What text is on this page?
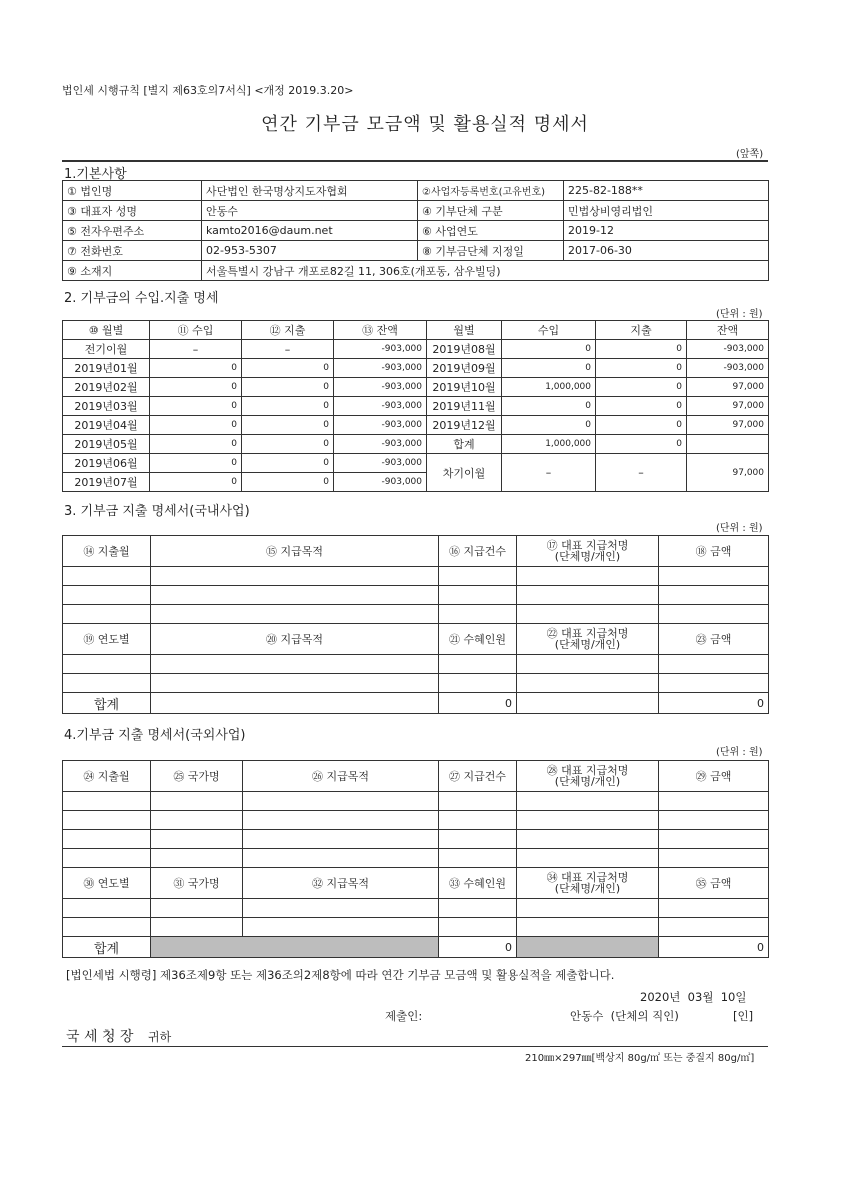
법인세 시행규칙 [별지 제63호의7서식] <개정 2019.3.20>
연간 기부금 모금액 및 활용실적 명세서
(앞쪽)
1.기본사항
① 법인명	사단법인 한국명상지도자협회	②사업자등록번호(고유번호)	225-82-188**
③ 대표자 성명	안동수	④ 기부단체 구분	민법상비영리법인
⑤ 전자우편주소	kamto2016@daum.net	⑥ 사업연도	2019-12
⑦ 전화번호	02-953-5307	⑧ 기부금단체 지정일	2017-06-30
⑨ 소재지	서울특별시 강남구 개포로82길 11, 306호(개포동, 삼우빌딩)		
2. 기부금의 수입.지출 명세
(단위 : 원)
⑩ 월별	⑪ 수입	⑫ 지출	⑬ 잔액	월별	수입	지출	잔액
전기이월	–	–	-903,000	2019년08월	0	0	-903,000
2019년01월	0	0	-903,000	2019년09월	0	0	-903,000
2019년02월	0	0	-903,000	2019년10월	1,000,000	0	97,000
2019년03월	0	0	-903,000	2019년11월	0	0	97,000
2019년04월	0	0	-903,000	2019년12월	0	0	97,000
2019년05월	0	0	-903,000	합계	1,000,000	0	
2019년06월	0	0	-903,000	차기이월	–	–	97,000
2019년07월	0	0	-903,000				
3. 기부금 지출 명세서(국내사업)
(단위 : 원)
⑭ 지출월	⑮ 지급목적	⑯ 지급건수	⑰ 대표 지급처명
(단체명/개인)	⑱ 금액

⑲ 연도별	⑳ 지급목적	㉑ 수혜인원	㉒ 대표 지급처명
(단체명/개인)	㉓ 금액

합계		0		0
4.기부금 지출 명세서(국외사업)
(단위 : 원)
㉔ 지출월	㉕ 국가명	㉖ 지급목적	㉗ 지급건수	㉘ 대표 지급처명
(단체명/개인)	㉙ 금액

㉚ 연도별	㉛ 국가명	㉜ 지급목적	㉝ 수혜인원	㉞ 대표 지급처명
(단체명/개인)	㉟ 금액

합계			0		0
[법인세법 시행령] 제36조제9항 또는 제36조의2제8항에 따라 연간 기부금 모금액 및 활용실적을 제출합니다.
2020년  03월  10일
제출인:	안동수  (단체의 직인)	[인]
국 세 청 장 귀하
210㎜×297㎜[백상지 80g/㎡ 또는 중질지 80g/㎡]
